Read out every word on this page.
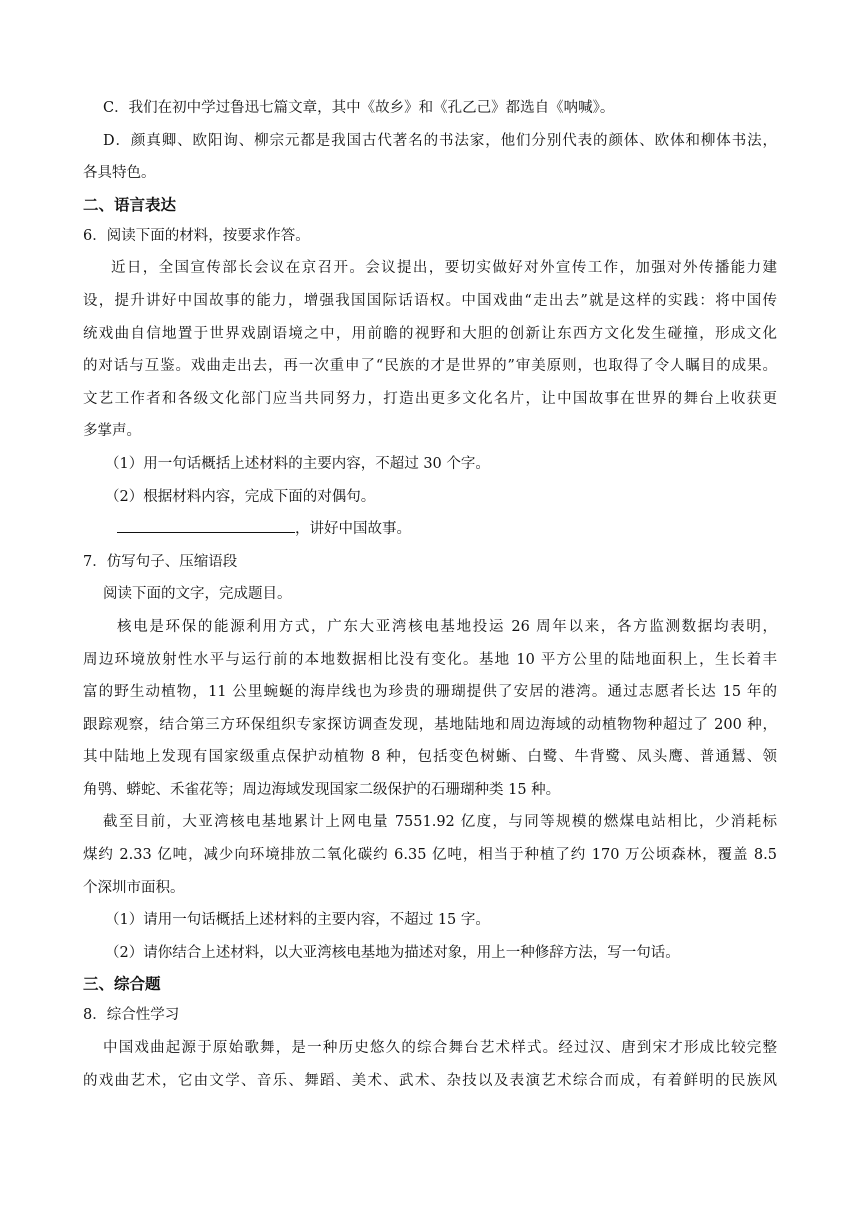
C．我们在初中学过鲁迅七篇文章，其中《故乡》和《孔乙己》都选自《呐喊》。
D．颜真卿、欧阳询、柳宗元都是我国古代著名的书法家，他们分别代表的颜体、欧体和柳体书法，
各具特色。
二、语言表达
6．阅读下面的材料，按要求作答。
近日，全国宣传部长会议在京召开。会议提出，要切实做好对外宣传工作，加强对外传播能力建
设，提升讲好中国故事的能力，增强我国国际话语权。中国戏曲“走出去”就是这样的实践：将中国传
统戏曲自信地置于世界戏剧语境之中，用前瞻的视野和大胆的创新让东西方文化发生碰撞，形成文化
的对话与互鉴。戏曲走出去，再一次重申了“民族的才是世界的”审美原则，也取得了令人瞩目的成果。
文艺工作者和各级文化部门应当共同努力，打造出更多文化名片，让中国故事在世界的舞台上收获更
多掌声。
（1）用一句话概括上述材料的主要内容，不超过 30 个字。
（2）根据材料内容，完成下面的对偶句。
，讲好中国故事。
7．仿写句子、压缩语段
阅读下面的文字，完成题目。
核电是环保的能源利用方式，广东大亚湾核电基地投运 26 周年以来，各方监测数据均表明，
周边环境放射性水平与运行前的本地数据相比没有变化。基地 10 平方公里的陆地面积上，生长着丰
富的野生动植物，11 公里蜿蜒的海岸线也为珍贵的珊瑚提供了安居的港湾。通过志愿者长达 15 年的
跟踪观察，结合第三方环保组织专家探访调查发现，基地陆地和周边海域的动植物物种超过了 200 种，
其中陆地上发现有国家级重点保护动植物 8 种，包括变色树蜥、白鹭、牛背鹭、凤头鹰、普通鵟、领
角鸮、蟒蛇、禾雀花等；周边海域发现国家二级保护的石珊瑚种类 15 种。
截至目前，大亚湾核电基地累计上网电量 7551.92 亿度，与同等规模的燃煤电站相比，少消耗标
煤约 2.33 亿吨，减少向环境排放二氧化碳约 6.35 亿吨，相当于种植了约 170 万公顷森林，覆盖 8.5
个深圳市面积。
（1）请用一句话概括上述材料的主要内容，不超过 15 字。
（2）请你结合上述材料，以大亚湾核电基地为描述对象，用上一种修辞方法，写一句话。
三、综合题
8．综合性学习
中国戏曲起源于原始歌舞，是一种历史悠久的综合舞台艺术样式。经过汉、唐到宋才形成比较完整
的戏曲艺术，它由文学、音乐、舞蹈、美术、武术、杂技以及表演艺术综合而成，有着鲜明的民族风
